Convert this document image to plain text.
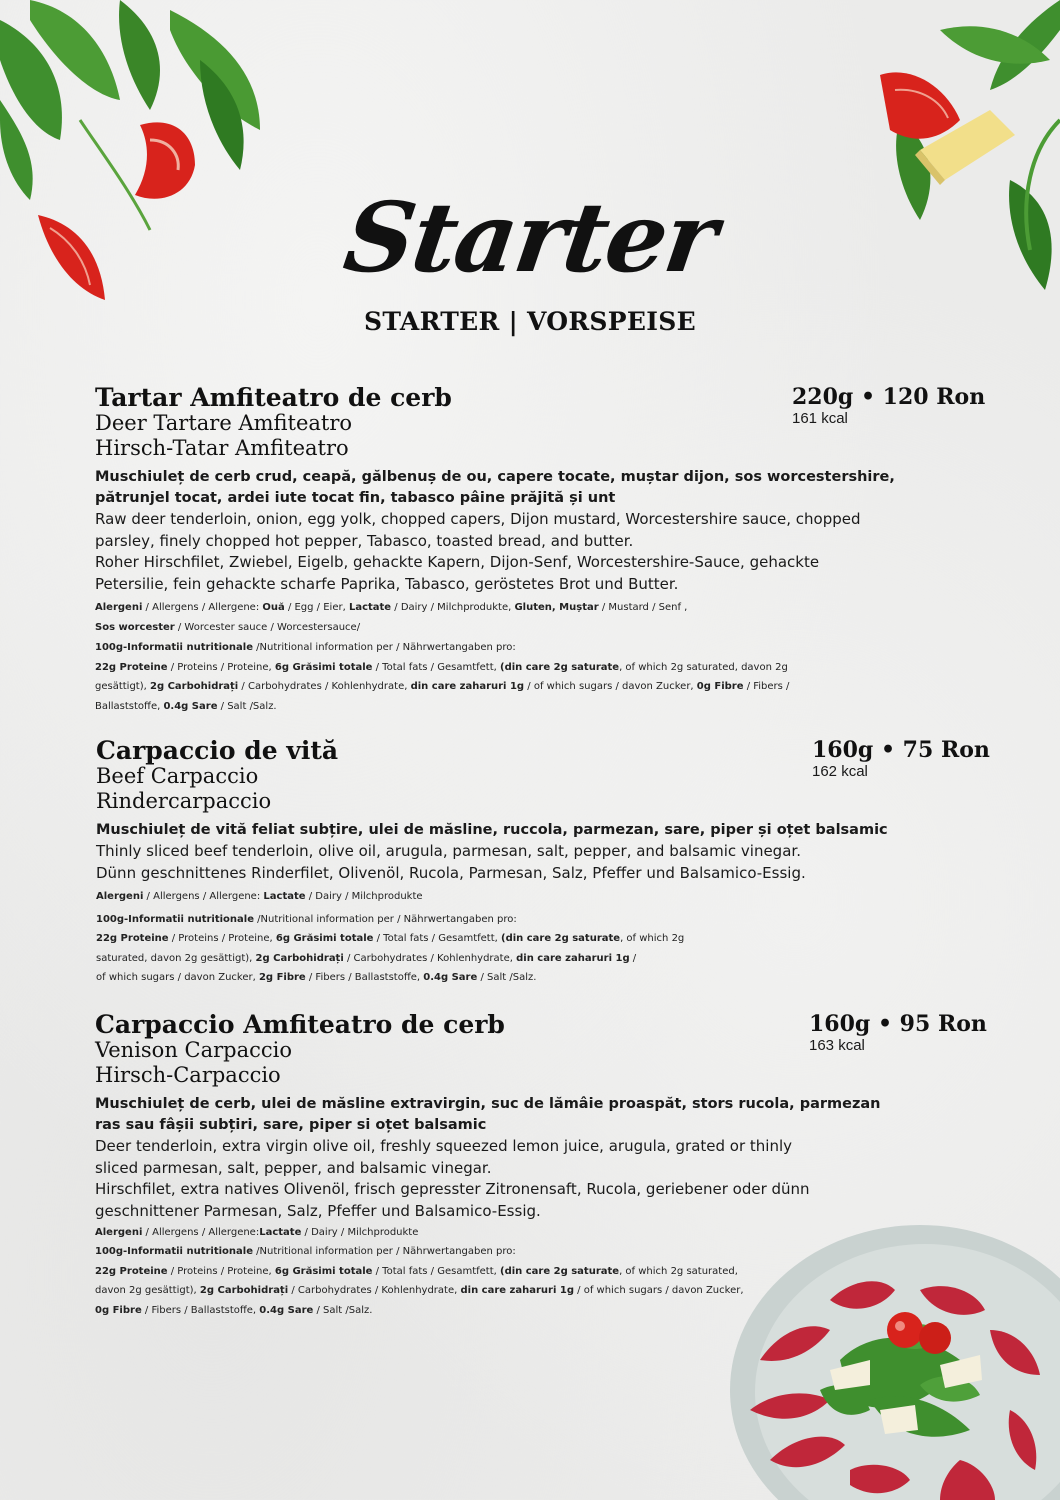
Starter
STARTER | VORSPEISE
Tartar Amfiteatro de cerb
Deer Tartare Amfiteatro
Hirsch-Tatar Amfiteatro
220g • 120 Ron
161 kcal
Muschiuleț de cerb crud, ceapă, gălbenuș de ou, capere tocate, muștar dijon, sos worcestershire,
pătrunjel tocat, ardei iute tocat fin, tabasco pâine prăjită și unt
Raw deer tenderloin, onion, egg yolk, chopped capers, Dijon mustard, Worcestershire sauce, chopped
parsley, finely chopped hot pepper, Tabasco, toasted bread, and butter.
Roher Hirschfilet, Zwiebel, Eigelb, gehackte Kapern, Dijon-Senf, Worcestershire-Sauce, gehackte
Petersilie, fein gehackte scharfe Paprika, Tabasco, geröstetes Brot und Butter.
Alergeni / Allergens / Allergene: Ouă / Egg / Eier, Lactate / Dairy / Milchprodukte, Gluten, Muștar / Mustard / Senf ,
Sos worcester / Worcester sauce / Worcestersauce/
100g-Informatii nutritionale /Nutritional information per / Nährwertangaben pro:
22g Proteine / Proteins / Proteine, 6g Grăsimi totale / Total fats / Gesamtfett, (din care 2g saturate, of which 2g saturated, davon 2g
gesättigt), 2g Carbohidrați / Carbohydrates / Kohlenhydrate, din care zaharuri 1g / of which sugars / davon Zucker, 0g Fibre / Fibers /
Ballaststoffe, 0.4g Sare / Salt /Salz.
Carpaccio de vită
Beef Carpaccio
Rindercarpaccio
160g • 75 Ron
162 kcal
Muschiuleț de vită feliat subțire, ulei de măsline, ruccola, parmezan, sare, piper și oțet balsamic
Thinly sliced beef tenderloin, olive oil, arugula, parmesan, salt, pepper, and balsamic vinegar.
Dünn geschnittenes Rinderfilet, Olivenöl, Rucola, Parmesan, Salz, Pfeffer und Balsamico-Essig.
Alergeni / Allergens / Allergene: Lactate / Dairy / Milchprodukte
100g-Informatii nutritionale /Nutritional information per / Nährwertangaben pro:
22g Proteine / Proteins / Proteine, 6g Grăsimi totale / Total fats / Gesamtfett, (din care 2g saturate, of which 2g
saturated, davon 2g gesättigt), 2g Carbohidrați / Carbohydrates / Kohlenhydrate, din care zaharuri 1g /
of which sugars / davon Zucker, 2g Fibre / Fibers / Ballaststoffe, 0.4g Sare / Salt /Salz.
Carpaccio Amfiteatro de cerb
Venison Carpaccio
Hirsch-Carpaccio
160g • 95 Ron
163 kcal
Muschiuleț de cerb, ulei de măsline extravirgin, suc de lămâie proaspăt, stors rucola, parmezan
ras sau fâșii subțiri, sare, piper si oțet balsamic
Deer tenderloin, extra virgin olive oil, freshly squeezed lemon juice, arugula, grated or thinly
sliced parmesan, salt, pepper, and balsamic vinegar.
Hirschfilet, extra natives Olivenöl, frisch gepresster Zitronensaft, Rucola, geriebener oder dünn
geschnittener Parmesan, Salz, Pfeffer und Balsamico-Essig.
Alergeni / Allergens / Allergene:Lactate / Dairy / Milchprodukte
100g-Informatii nutritionale /Nutritional information per / Nährwertangaben pro:
22g Proteine / Proteins / Proteine, 6g Grăsimi totale / Total fats / Gesamtfett, (din care 2g saturate, of which 2g saturated,
davon 2g gesättigt), 2g Carbohidrați / Carbohydrates / Kohlenhydrate, din care zaharuri 1g / of which sugars / davon Zucker,
0g Fibre / Fibers / Ballaststoffe, 0.4g Sare / Salt /Salz.
